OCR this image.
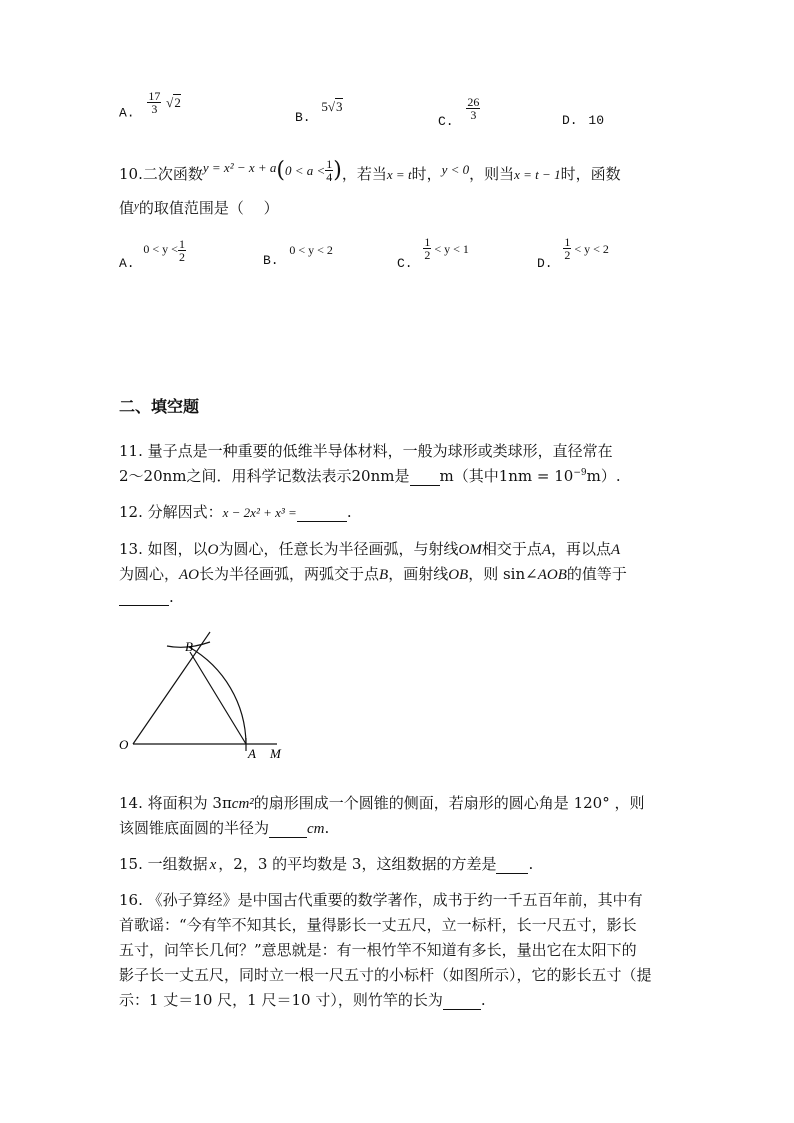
A. $\frac{17}{3} √2$
B. 5√3
C. $\frac{26}{3}$	D. 10
10.二次函数$y = x^2 - x + a(0 < a < \frac{1}{4}$ )，若当x = t时，y < 0，则当x = t − 1时，函数
值$^y$的取值范围是（　 ）
A. $0 < y < \frac{1}{2}$	B. 0 < y < 2
C.
$\frac{1}{2} < y < 1$
D.
$\frac{1}{2} < y < 2$
二、填空题
11. 量子点是一种重要的低维半导体材料，一般为球形或类球形，直径常在
2～20nm之间．用科学记数法表示20nm是 m（其中$1nm = 10^{-9}m$）.
12. 分解因式：x − 2x² + x³ =	.
13. 如图，以O为圆心，任意长为半径画弧，与射线OM相交于点A，再以点A
为圆心，AO长为半径画弧，两弧交于点B，画射线OB，则 sin∠AOB的值等于
.
B
O
A M
14. 将面积为 3πcm²的扇形围成一个圆锥的侧面，若扇形的圆心角是 120° ，则
该圆锥底面圆的半径为	cm.
15. 一组数据 x ，2，3 的平均数是 3，这组数据的方差是 .
16. 《孙子算经》是中国古代重要的数学著作，成书于约一千五百年前，其中有
首歌谣：“今有竿不知其长，量得影长一丈五尺，立一标杆，长一尺五寸，影长
五寸，问竿长几何？”意思就是：有一根竹竿不知道有多长，量出它在太阳下的
影子长一丈五尺，同时立一根一尺五寸的小标杆（如图所示），它的影长五寸（提
示：1 丈＝10 尺，1 尺＝10 寸），则竹竿的长为	.
